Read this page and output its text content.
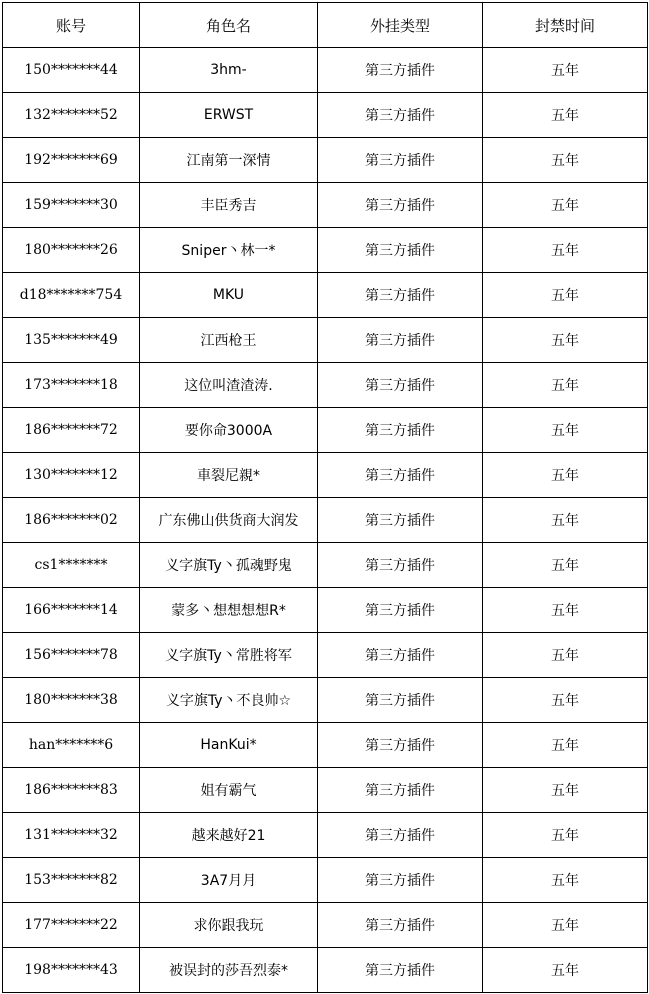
账号	角色名	外挂类型	封禁时间
150*******44	3hm-	第三方插件	五年
132*******52	ERWST	第三方插件	五年
192*******69	江南第一深情	第三方插件	五年
159*******30	丰臣秀吉	第三方插件	五年
180*******26	Sniper丶林一*	第三方插件	五年
d18*******754	MKU	第三方插件	五年
135*******49	江西枪王	第三方插件	五年
173*******18	这位叫渣渣涛.	第三方插件	五年
186*******72	要你命3000A	第三方插件	五年
130*******12	車裂尼親*	第三方插件	五年
186*******02	广东佛山供货商大润发	第三方插件	五年
cs1*******	义字旗Ty丶孤魂野鬼	第三方插件	五年
166*******14	蒙多丶想想想想R*	第三方插件	五年
156*******78	义字旗Ty丶常胜将军	第三方插件	五年
180*******38	义字旗Ty丶不良帅☆	第三方插件	五年
han*******6	HanKui*	第三方插件	五年
186*******83	姐有霸气	第三方插件	五年
131*******32	越来越好21	第三方插件	五年
153*******82	3A7月月	第三方插件	五年
177*******22	求你跟我玩	第三方插件	五年
198*******43	被误封的莎吾烈泰*	第三方插件	五年
